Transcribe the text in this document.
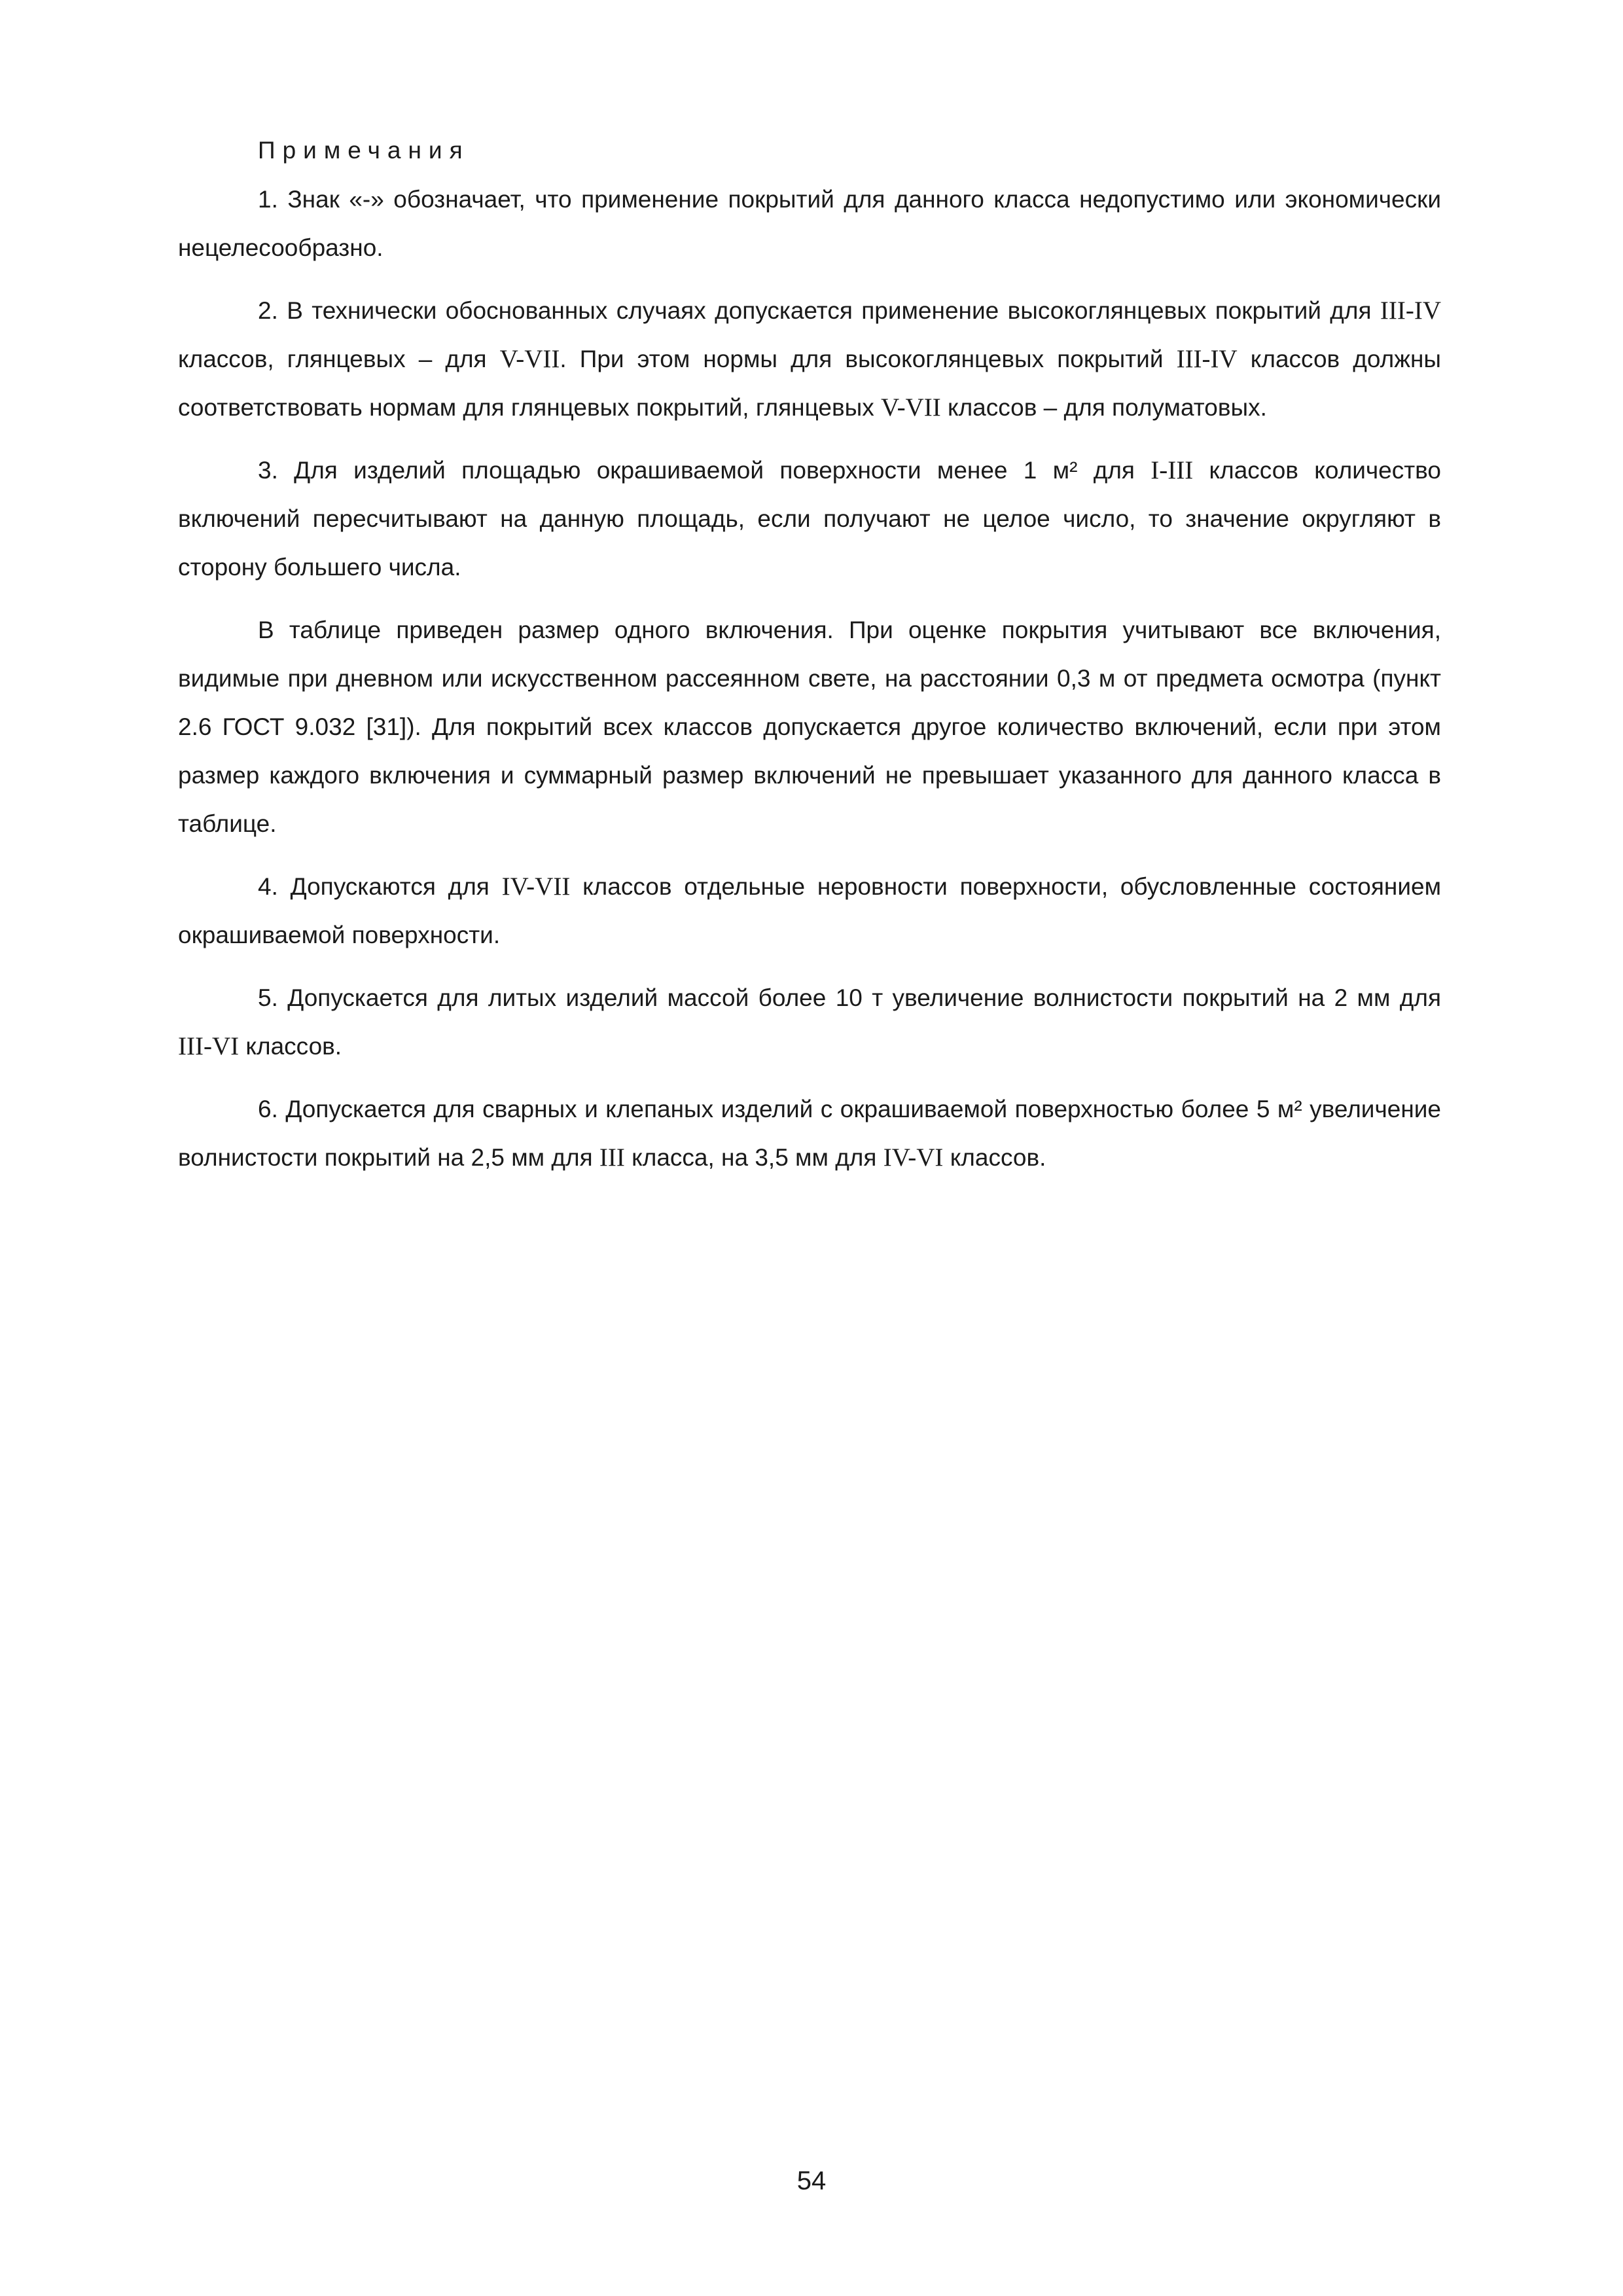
Примечания

1. Знак «-» обозначает, что применение покрытий для данного класса недопустимо или экономически нецелесообразно.

2. В технически обоснованных случаях допускается применение высокоглянцевых покрытий для III-IV классов, глянцевых – для V-VII. При этом нормы для высокоглянцевых покрытий III-IV классов должны соответствовать нормам для глянцевых покрытий, глянцевых V-VII классов – для полуматовых.

3. Для изделий площадью окрашиваемой поверхности менее 1 м² для I-III классов количество включений пересчитывают на данную площадь, если получают не целое число, то значение округляют в сторону большего числа.

В таблице приведен размер одного включения. При оценке покрытия учитывают все включения, видимые при дневном или искусственном рассеянном свете, на расстоянии 0,3 м от предмета осмотра (пункт 2.6 ГОСТ 9.032 [31]). Для покрытий всех классов допускается другое количество включений, если при этом размер каждого включения и суммарный размер включений не превышает указанного для данного класса в таблице.

4. Допускаются для IV-VII классов отдельные неровности поверхности, обусловленные состоянием окрашиваемой поверхности.

5. Допускается для литых изделий массой более 10 т увеличение волнистости покрытий на 2 мм для III-VI классов.

6. Допускается для сварных и клепаных изделий с окрашиваемой поверхностью более 5 м² увеличение волнистости покрытий на 2,5 мм для III класса, на 3,5 мм для IV-VI классов.

54
